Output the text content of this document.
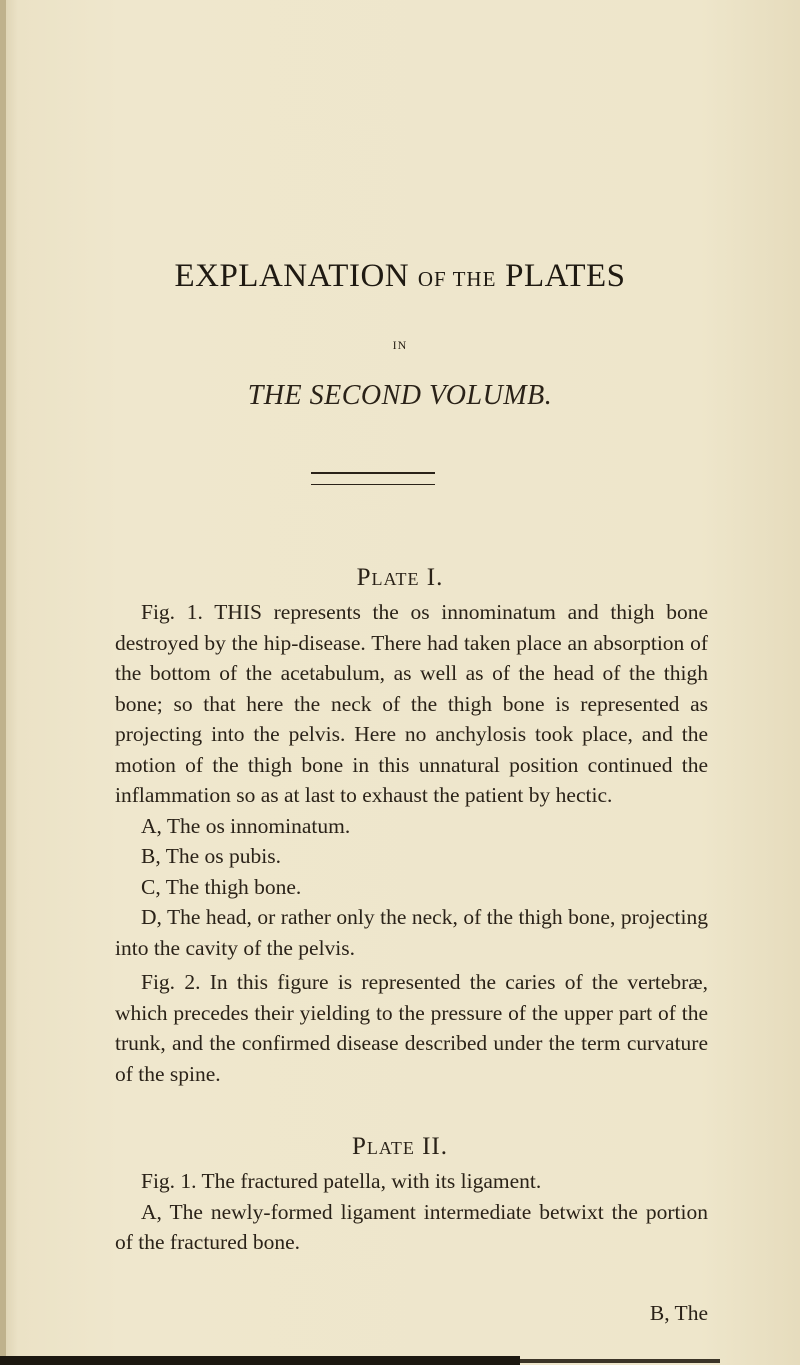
EXPLANATION OF THE PLATES
IN
THE SECOND VOLUMB.
Plate I.

Fig. 1. THIS represents the os innominatum and thigh bone destroyed by the hip-disease. There had taken place an absorption of the bottom of the acetabulum, as well as of the head of the thigh bone; so that here the neck of the thigh bone is represented as projecting into the pelvis. Here no anchylosis took place, and the motion of the thigh bone in this unnatural position continued the inflammation so as at last to exhaust the patient by hectic.

A, The os innominatum.

B, The os pubis.

C, The thigh bone.

D, The head, or rather only the neck, of the thigh bone, projecting into the cavity of the pelvis.

Fig. 2. In this figure is represented the caries of the vertebræ, which precedes their yielding to the pressure of the upper part of the trunk, and the confirmed disease described under the term curvature of the spine.

Plate II.

Fig. 1. The fractured patella, with its ligament.

A, The newly-formed ligament intermediate betwixt the portion of the fractured bone.

B, The
